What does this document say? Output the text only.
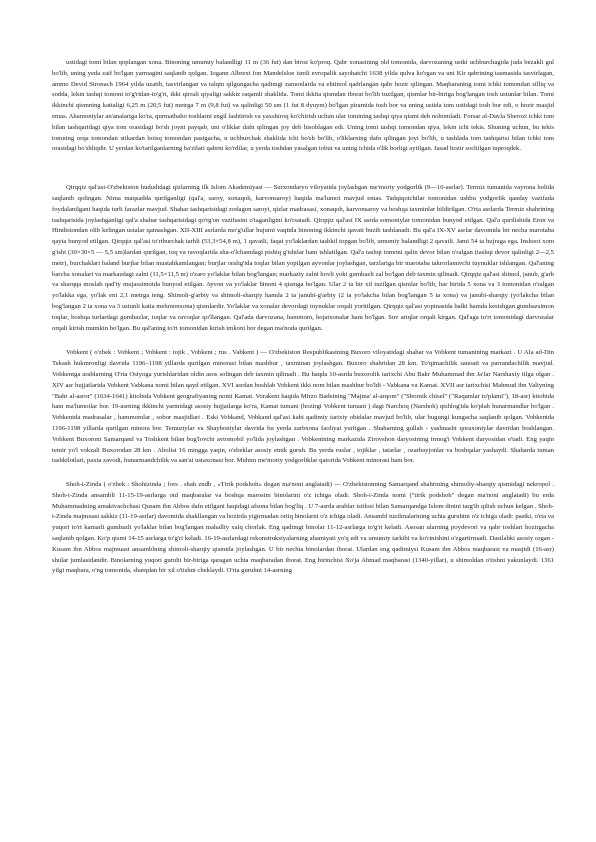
ustidagi tomi bilan qoplangan xona. Binoning umumiy balandligi 11 m (36 fut) dan biroz ko'proq. Qabr xonasining old tomonida, darvozaning ustki uchburchagida juda bezakli gul bo'lib, uning yeda zaif bo'lgan yarmagini saqlanib qolgan. Iogann Albrext fon Mandelsloe ismli evropalik sayohatchi 1638 yilda qulva ko'rgan va uni Kir qabrining tasmasida tasvirlagan, ammo Devid Stronach 1964 yilda uzatib, tasvirlangan va talqin qilgungacha qadimgi zamonlarda va ehtimol qadrlangan qabr hozir qilingan. Maqbaraning tomi ichki tomondan silliq va sodda, lekin tashqi tomoni to'g'ridan-to'g'ri, ikki qirrali qiyaligi sakkiz raqamli shaklida. Tomi ikkita qismdan iborat bo'lib tuzilgan, qismlar bir-biriga bog'langan tosh ustunlar bilan. Tomi ikkinchi qismning kattaligi 6,25 m (20,5 fut) metrga 7 m (9,8 fut) va qalinligi 50 sm (1 fut 8 dyuym) bo'lgan piramida tosh bor va uning ustida tom ustidagi tosh bor edi, o hozir masjid emas. Ahamoniylar an'analariga ko'ra, qurmatbaho toshlarni engil lashtirish va yaxshiroq ko'chirish uchun ular tomining tashqi qiya qismi deb nohomladi. Forsar al-Davla Sherozi ichki tom bilan tashqaridagi qiya tom orasidagi bo'sh joyni payqab, uni o'liklar dafn qilingan joy deb hisoblagan edi. Uning tomi tashqi tomondan qiya, lekin ichi tekis. Shuning uchun, bu tekis tomning orqa tomondan stikardan boisq tomondan pastgacha, u uchburchak shaklida ichi bo'sh bo'lib, o'liklarning dafn qilingan joyi bo'lib, u tashlada tom tashqarisi bilan ichki tom orasidagi bo'shliqdir. U yerdan ko'tarilganlarning ba'zilari qabrni ko'rdilar, u yerda toshdan yasalgan tobut va uning ichida o'lik borligi aytilgan. Jasad hozir sochilgan tuproqdek.

Qirqqiz qal'asi-O'zbekiston hududidagi qizlarning ilk Islom Akademiyasi — Surxondaryo viloyatida joylashgan me'moriy yodgorlik (9—10-asrlar). Termiz tumanida vayrona holida saqlanib qolingan. Nima maqsadda qurilganligi (qal'a, saroy, xonaqoh, karvonsaroy) haqida ma'lumot mavjud emas. Tadqiqotchilar tomonidan ushbu yodgorlik qanday vazifada foydalanilgani haqida turli farazlar mavjud. Shahar tashqarisidagi zodagon saroyi, qizlar madrasasi, xonaqoh, karvonsaroy va boshqa taxminlar bildirilgan. O'rta asrlarda Termiz shahrining tashqarisida joylashganligi qal'a shahar tashqarisidagi qo'rg'on vazifasini o'taganligini ko'rsatadi. Qirqqiz qal'asi IX asrda somoniylar tomonidan bunyod etilgan. Qal'a qurilishida Eron va Hindistondan olib kelingan ustalar qatnashgan. XII-XIII asrlarda mo'g'ullar hujumi vaqtida binoning ikkinchi qavati buzib tashlanadi. Bu qal'a IX-XV asrlar davomida bir necha marotaba qayta bunyod etilgan. Qirqqiz qal'asi to'rtburchak tarhli (53,3×54,8 m), 1 qavatli, faqat yo'laklardan tashkil topgan bo'lib, umumiy balandligi 2 qavatli. Jami 54 ta hujraga ega. Inshoot xom g'isht (30×30×5 — 5,5 sm)lardan qurilgan, toq va ravoqlarida sha-o'lchamdagi pishiq g'ishtlar ham ishlatilgan. Qal'a tashqi tomoni qalin devor bilan o'ralgan (tashqi devor qalinligi 2—2,5 metr), burchaklari baland burjlar bilan mustahkamlangan; burjlar oralig'ida toqlar bilan yopilgan ayvonlar joylashgan, tarzlariga bir marotaba takrorlanuvchi tuynuklar ishlangan. Qal'aning barcha xonalari va markazdagi zalni (11,5×11,5 m) o'zaro yo'laklar bilan bog'langan; markaziy zalni hovli yoki gumbazli zal bo'lgan deb taxmin qilinadi. Qirqqiz qal'asi shimol, janub, g'arb va sharqqa moslab qad'iy mujassimotda bunyod etilgan. Ayvon va yo'laklar binoni 4 qismga bo'lgan. Ular 2 ta bir xil tuzilgan qismlar bo'lib, har birida 5 xona va 3 tomonidan o'ralgan yo'lakka ega, yo'lak eni 2,1 metrga teng. Shimoli-g'arbiy va shimoli-sharqiy hamda 2 ta janubi-g'arbiy (2 ta yo'lakcha bilan bog'langan 5 ta xona) va janubi-sharqiy (yo'lakcha bilan bog'langan 2 ta xona va 3 ustunli katta mehmonxona) qismlardir. Yo'laklar va xonalar devordagi tuynuklar orqali yoritilgan. Qirqqiz qal'asi yopinasida balki hamda kesishgan gumbazsimon toqlar, boshqa turlardagi gumbazlar, toqlar va ravoqlar qo'llangan. Qal'ada darvozana, hammom, hojatxonalar ham bo'lgan. Suv ariqlar orqali kirgan. Qal'aga to'rt tomonidagi darvozalar orqali kirish mumkin bo'lgan. Bu qal'aning to'rt tomonidan kirish imkoni bor degan ma'noda qurilgan.

Vobkent ( o'zbek : Vobkent ; Vobkent : tojik , Vobkent ; rus . Vabkent ) — O'zbekiston Respublikasining Buxoro viloyatidagi shahar va Vobkent tumanining markazi . U Ala ad-Din Tekash hukmronligi davrida 1196–1198 yillarda qurilgan minorasi bilan mashhur , taxminan joylashgan. Buxoro shahridan 28 km. To'qimachilik sanoati va parrandachilik mavjud. Vobkentga arablarning O'rta Osiyoga yurishlaridan oldin asos solingan deb taxmin qilinadi . Bu haqda 10-asrda buxorolik tarixchi Abu Bakr Muhammad ibn Ja'far Narshaxiy tilga olgan . XIV asr hujjatlarida Vobkent Vabkana nomi bilan qayd etilgan. XVI asrdan boshlab Vobkent ikki nom bilan mashhur bo'ldi - Vabkana va Kamat. XVII asr tarixchisi Mahmud ibn Valiyning "Bahr al-asror" (1634-1641) kitobida Vobkent geografiyaning nomi Kamat. Vorakent haqida Mirzo Badeining "Majma' al-arqom" ("Sbornik chisel" ("Raqamlar to'plami"), 18-asr) kitobida ham ma'lumotlar bor. 19-asrning ikkinchi yarmidagi asosiy hujjatlarga ko'ra, Kamat tumani (hozirgi Vobkent tumani ) dagi Narchoq (Narshoh) qishlog'ida ko'plab hunarmandlar bo'lgan . Vobkentda madrasalar , hammomlar , sobor masjidlari . Eski Vobkand, Vobkand qal'asi kabi qadimiy tarixiy obidalar mavjud bo'lib, ular bugungi kungacha saqlanib qolgan. Vobkentda 1196-1198 yillarda qurilgan minora bor. Temuriylar va Shayboniylar davrida bu yerda zarbxona faoliyat yuritgan . Shaharning gullab - yashnashi qoraxoniylar davridan boshlangan. Vobkent Buxoroni Samarqand va Toshkent bilan bog'lovchi avtomobil yo'lida joylashgan . Vobkentning markazida Zirovshon daryosining irmog'i Vobkent daryosidan o'tadi. Eng yaqin temir yo'l vokzali Buxorodan 28 km . Aholisi 16 mingga yaqin, o'zbeklar asosiy etnik guruh. Bu yerda ruslar , tojiklar , tatarlar , ozarbayjonlar va boshqalar yashaydi. Shaharda tuman tashkilotlari, paxta zavodi, hunarmandchilik va san'at ustaxonasi bor. Muhim me'moriy yodgorliklar qatorida Vobkent minorasi ham bor.

Shoh-i-Zinda ( o'zbek : Shohizinda ; fors . shah zndh , «Tirik podshoh» degan ma'noni anglatadi) — O'zbekistonning Samarqand shahrining shimoliy-sharqiy qismidagi nekropol . Shoh-i-Zinda ansambli 11-15-19-asrlarga oid maqbaralar va boshqa marosim binolarini o'z ichiga oladi. Shoh-i-Zinda nomi ("tirik podshoh" degan ma'noni anglatadi) bu erda Muhammadning amakivachchasi Qusam ibn Abbos dafn etilgani haqidagi afsona bilan bog'liq . U 7-asrda arablar istilosi bilan Samarqandga Islom dinini targ'ib qilish uchun kelgan . Shoh-i-Zinda majmuasi sakkiz (11-19-asrlar) davomida shakllangan va hozirda yigirmadan ortiq binolarni o'z ichiga oladi. Ansambl tuzilmalarining uchta guruhini o'z ichiga oladi: pastki, o'rta va yuqori to'rt kamarli gumbazli yo'laklar bilan bog'langan mahalliy xalq chorlak. Eng qadimgi binolar 11-12-asrlarga to'g'ri keladi. Asosan ularning poydevori va qabr toshlari hozirgacha saqlanib qolgan. Ko'p qismi 14-15 asrlarga to'g'ri keladi. 16-19-asrlardagi rekonstruksiyalarning ahamiyati yo'q edi va umumiy tarkibi va ko'rinishini o'zgartirmadi. Dastlabki asosiy organ - Kusam ibn Abbos majmuasi ansamblning shimoli-sharqiy qismida joylashgan. U bir nechta binolardan iborat. Ulardan eng qadimiysi Kusam ibn Abbos maqbarasi va masjidi (16-asr) shular jumlasidandir. Binolarning yuqori guruhi bir-biriga qaragan uchta maqbaradan iborat. Eng birinchisi Xo'ja Ahmad maqbarasi (1340-yillar), u shimoldan o'tishni yakunlaydi. 1361 yilgi maqbara, o'ng tomonida, sharqdan bir xil o'tishni cheklaydi. O'rta guruhni 14-asrning
